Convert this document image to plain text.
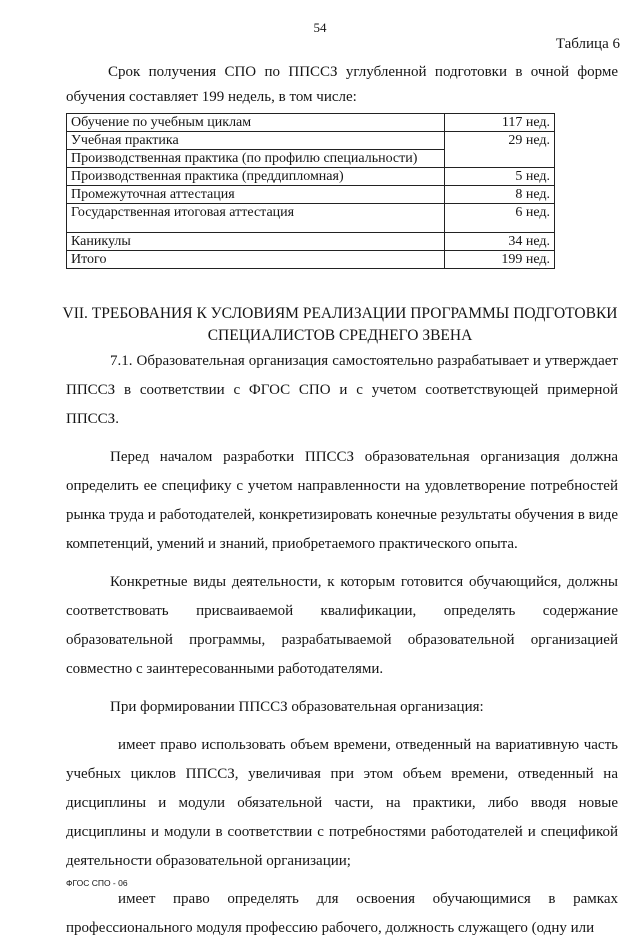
54
Таблица 6
Срок получения СПО по ППССЗ углубленной подготовки в очной форме
обучения составляет 199 недель, в том числе:
Обучение по учебным циклам	117 нед.
Учебная практика	29 нед.
Производственная практика (по профилю специальности)	
Производственная практика (преддипломная)	5 нед.
Промежуточная аттестация	8 нед.
Государственная итоговая аттестация	6 нед.
Каникулы	34 нед.
Итого	199 нед.
VII. ТРЕБОВАНИЯ К УСЛОВИЯМ РЕАЛИЗАЦИИ ПРОГРАММЫ ПОДГОТОВКИ
СПЕЦИАЛИСТОВ СРЕДНЕГО ЗВЕНА

7.1. Образовательная организация самостоятельно разрабатывает и утверждает ППССЗ в соответствии с ФГОС СПО и с учетом соответствующей примерной ППССЗ.

Перед началом разработки ППССЗ образовательная организация должна определить ее специфику с учетом направленности на удовлетворение потребностей рынка труда и работодателей, конкретизировать конечные результаты обучения в виде компетенций, умений и знаний, приобретаемого практического опыта.

Конкретные виды деятельности, к которым готовится обучающийся, должны соответствовать присваиваемой квалификации, определять содержание образовательной программы, разрабатываемой образовательной организацией совместно с заинтересованными работодателями.

При формировании ППССЗ образовательная организация:

имеет право использовать объем времени, отведенный на вариативную часть учебных циклов ППССЗ, увеличивая при этом объем времени, отведенный на дисциплины и модули обязательной части, на практики, либо вводя новые дисциплины и модули в соответствии с потребностями работодателей и спецификой деятельности образовательной организации;

имеет право определять для освоения обучающимися в рамках профессионального модуля профессию рабочего, должность служащего (одну или

ФГОС СПО - 06
